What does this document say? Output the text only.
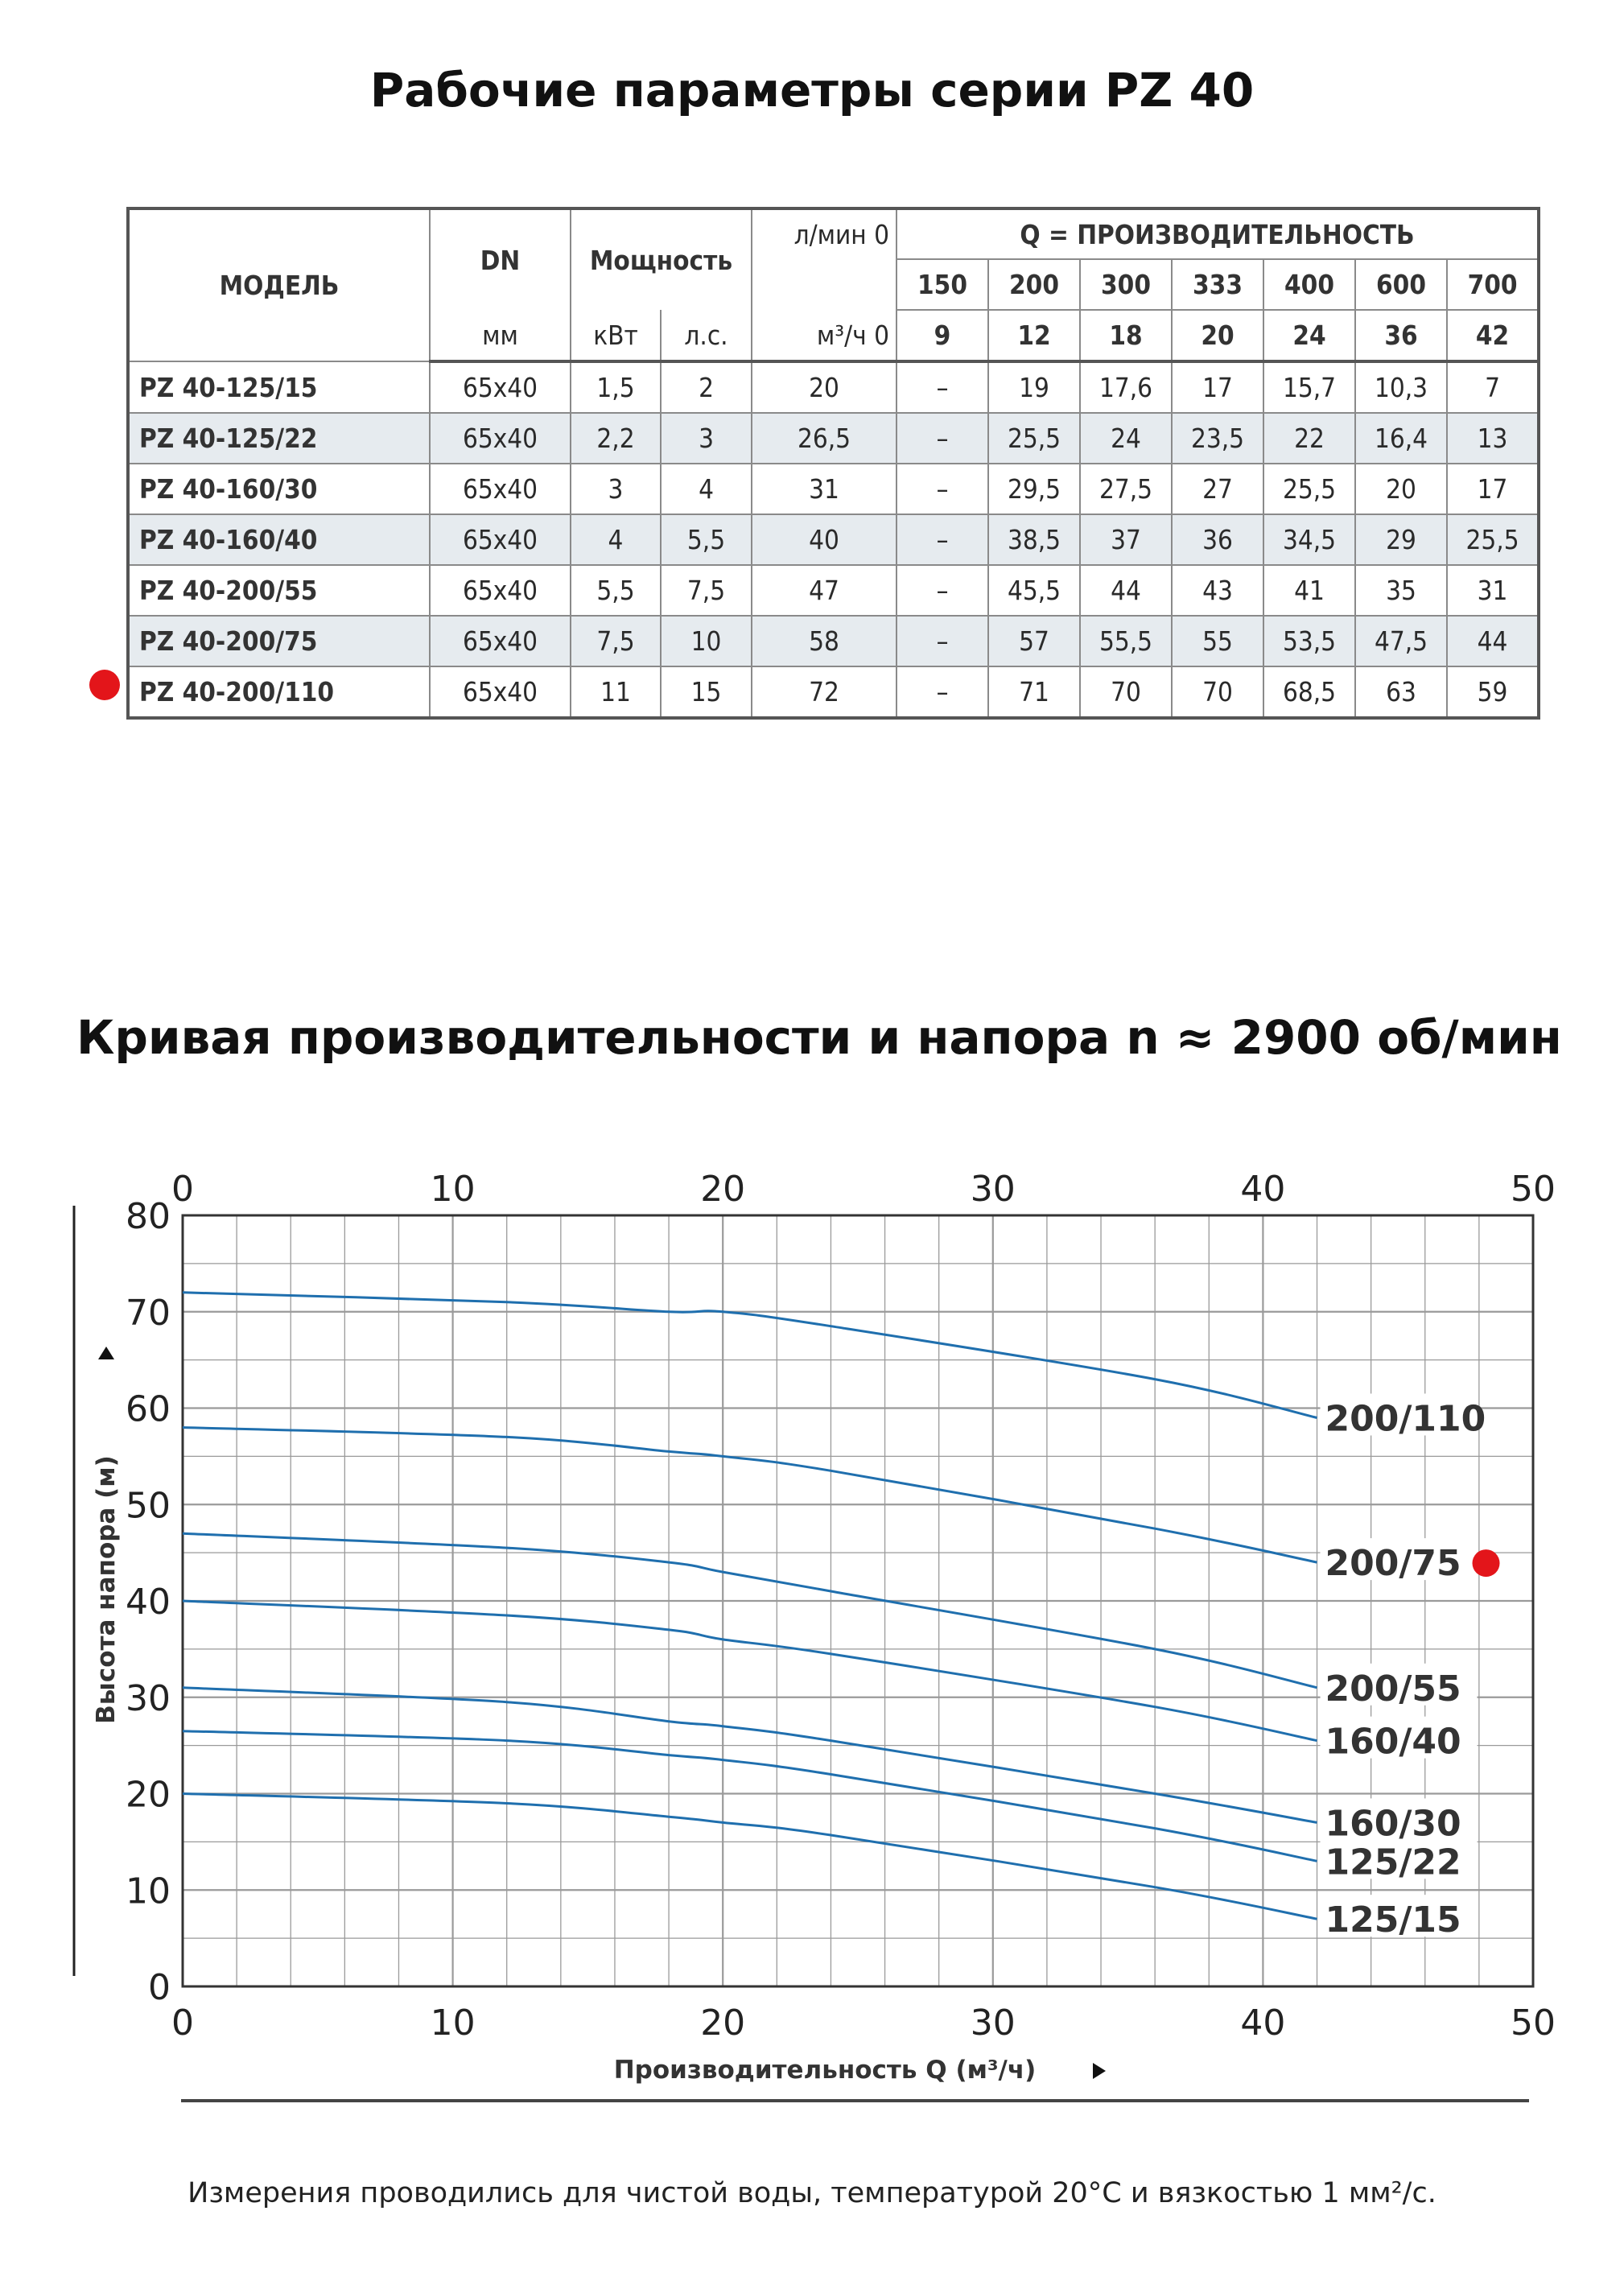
Рабочие параметры серии PZ 40
МОДЕЛЬ	DN	Мощность		л/мин 0	Q = ПРОИЗВОДИТЕЛЬНОСТЬ						
					150	200	300	333	400	600	700
	мм	кВт	л.с.	м³/ч 0	9	12	18	20	24	36	42
PZ 40-125/15	65x40	1,5	2	20	–	19	17,6	17	15,7	10,3	7
PZ 40-125/22	65x40	2,2	3	26,5	–	25,5	24	23,5	22	16,4	13
PZ 40-160/30	65x40	3	4	31	–	29,5	27,5	27	25,5	20	17
PZ 40-160/40	65x40	4	5,5	40	–	38,5	37	36	34,5	29	25,5
PZ 40-200/55	65x40	5,5	7,5	47	–	45,5	44	43	41	35	31
PZ 40-200/75	65x40	7,5	10	58	–	57	55,5	55	53,5	47,5	44
PZ 40-200/110	65x40	11	15	72	–	71	70	70	68,5	63	59
Кривая производительности и напора n ≈ 2900 об/мин
0
0
10
10
20
20
30
30
40
40
50
50
0
10
20
30
40
50
60
70
80
Производительность Q (м³/ч)
Высота напора (м)
125/15
125/22
160/30
160/40
200/55
200/75
200/110
Измерения проводились для чистой воды, температурой 20°С и вязкостью 1 мм²/с.
